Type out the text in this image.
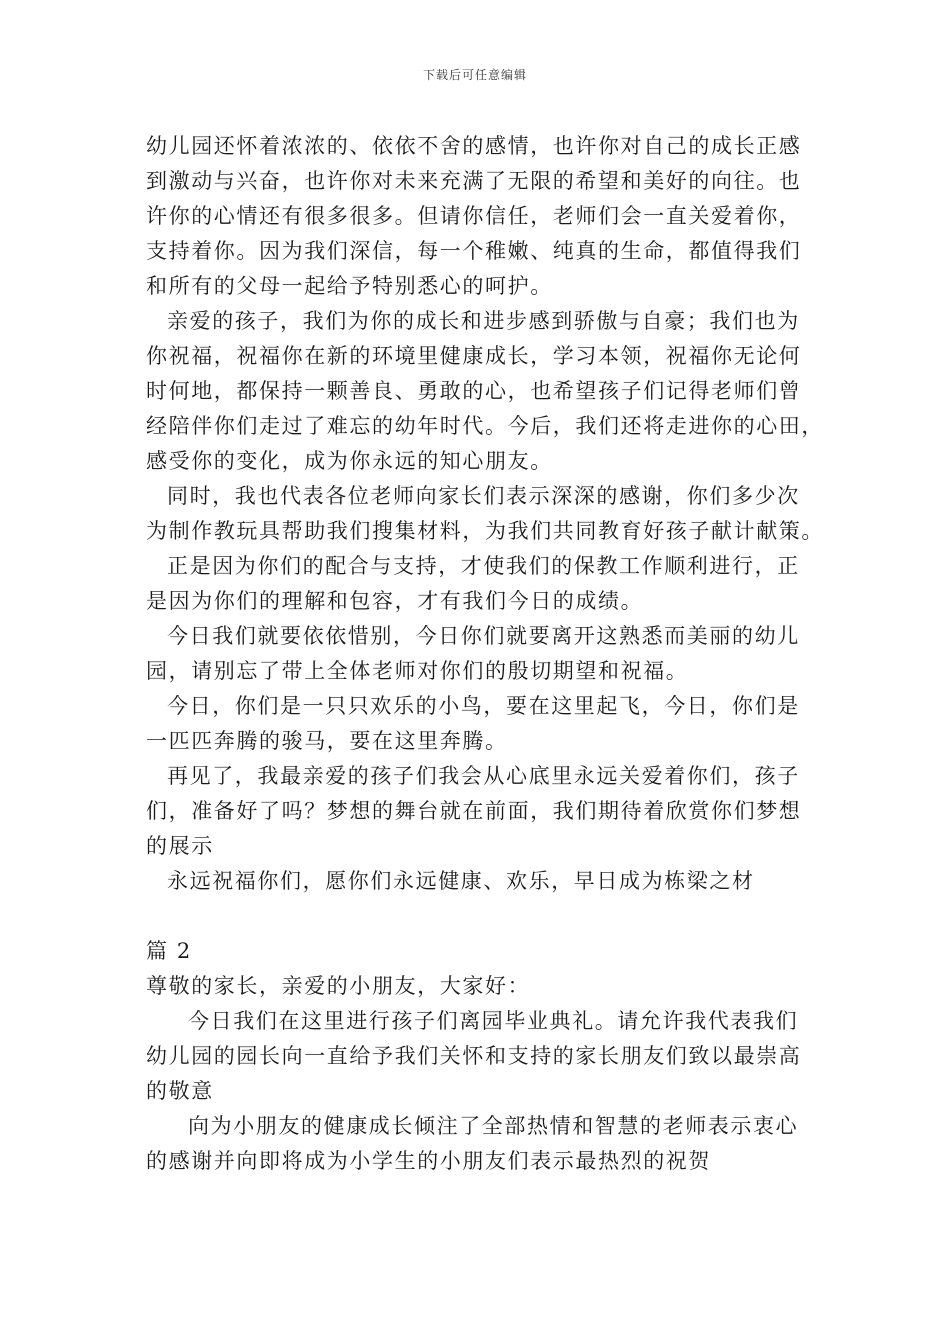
下载后可任意编辑
幼儿园还怀着浓浓的、依依不舍的感情，也许你对自己的成长正感
到激动与兴奋，也许你对未来充满了无限的希望和美好的向往。也
许你的心情还有很多很多。但请你信任，老师们会一直关爱着你，
支持着你。因为我们深信，每一个稚嫩、纯真的生命，都值得我们
和所有的父母一起给予特别悉心的呵护。
亲爱的孩子，我们为你的成长和进步感到骄傲与自豪；我们也为
你祝福，祝福你在新的环境里健康成长，学习本领，祝福你无论何
时何地，都保持一颗善良、勇敢的心，也希望孩子们记得老师们曾
经陪伴你们走过了难忘的幼年时代。今后，我们还将走进你的心田，
感受你的变化，成为你永远的知心朋友。
同时，我也代表各位老师向家长们表示深深的感谢，你们多少次
为制作教玩具帮助我们搜集材料，为我们共同教育好孩子献计献策。
正是因为你们的配合与支持，才使我们的保教工作顺利进行，正
是因为你们的理解和包容，才有我们今日的成绩。
今日我们就要依依惜别，今日你们就要离开这熟悉而美丽的幼儿
园，请别忘了带上全体老师对你们的殷切期望和祝福。
今日，你们是一只只欢乐的小鸟，要在这里起飞，今日，你们是
一匹匹奔腾的骏马，要在这里奔腾。
再见了，我最亲爱的孩子们我会从心底里永远关爱着你们，孩子
们，准备好了吗？梦想的舞台就在前面，我们期待着欣赏你们梦想
的展示
永远祝福你们，愿你们永远健康、欢乐，早日成为栋梁之材
篇 2
尊敬的家长，亲爱的小朋友，大家好：
今日我们在这里进行孩子们离园毕业典礼。请允许我代表我们
幼儿园的园长向一直给予我们关怀和支持的家长朋友们致以最崇高
的敬意
向为小朋友的健康成长倾注了全部热情和智慧的老师表示衷心
的感谢并向即将成为小学生的小朋友们表示最热烈的祝贺
